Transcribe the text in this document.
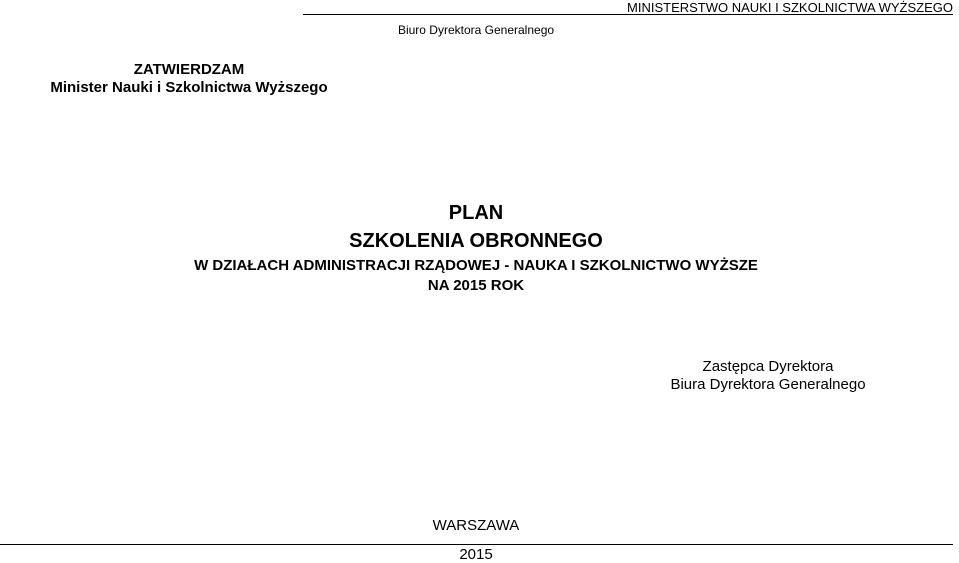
MINISTERSTWO NAUKI I SZKOLNICTWA WYŻSZEGO
Biuro Dyrektora Generalnego
ZATWIERDZAM
Minister Nauki i Szkolnictwa Wyższego
PLAN
SZKOLENIA OBRONNEGO
W DZIAŁACH ADMINISTRACJI RZĄDOWEJ - NAUKA I SZKOLNICTWO WYŻSZE
NA 2015 ROK
Zastępca Dyrektora
Biura Dyrektora Generalnego
WARSZAWA
2015
